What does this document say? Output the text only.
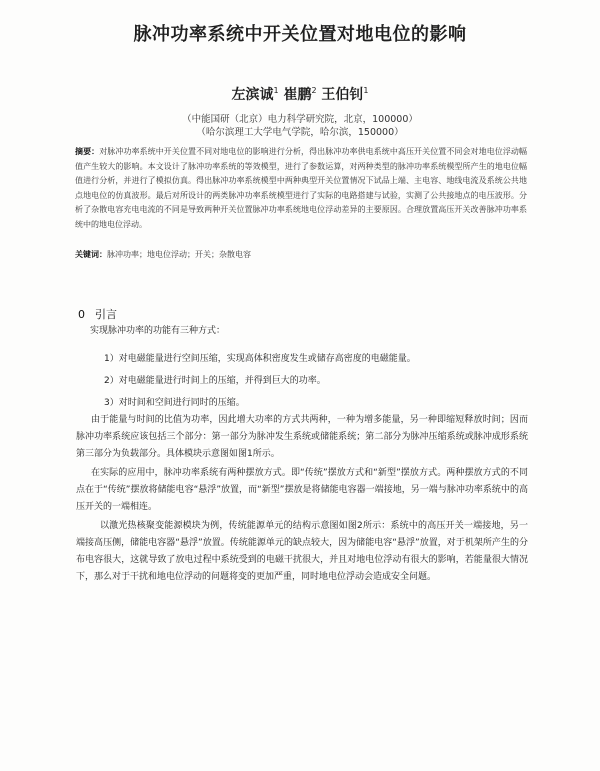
脉冲功率系统中开关位置对地电位的影响
左滨诚$^1$ 崔鹏$^2$ 王伯钊$^1$
（中能国研（北京）电力科学研究院，北京，100000）
（哈尔滨理工大学电气学院，哈尔滨，150000）
摘要：对脉冲功率系统中开关位置不同对地电位的影响进行分析，得出脉冲功率供电系统中高压开关位置不同会对地电位浮动幅值产生较大的影响。本文设计了脉冲功率系统的等效模型，进行了参数运算，对两种类型的脉冲功率系统模型所产生的地电位幅值进行分析，并进行了模拟仿真。得出脉冲功率系统模型中两种典型开关位置情况下试品上端、主电容、地线电流及系统公共地点地电位的仿真波形。最后对所设计的两类脉冲功率系统模型进行了实际的电路搭建与试验，实测了公共接地点的电压波形。分析了杂散电容充电电流的不同是导致两种开关位置脉冲功率系统地电位浮动差异的主要原因。合理放置高压开关改善脉冲功率系统中的地电位浮动。
关键词：脉冲功率；地电位浮动；开关；杂散电容
0 引言
实现脉冲功率的功能有三种方式：
1）对电磁能量进行空间压缩，实现高体积密度发生或储存高密度的电磁能量。
2）对电磁能量进行时间上的压缩，并得到巨大的功率。
3）对时间和空间进行同时的压缩。
由于能量与时间的比值为功率，因此增大功率的方式共两种，一种为增多能量，另一种即缩短释放时间；因而脉冲功率系统应该包括三个部分：第一部分为脉冲发生系统或储能系统；第二部分为脉冲压缩系统或脉冲成形系统第三部分为负载部分。具体模块示意图如图1所示。
在实际的应用中，脉冲功率系统有两种摆放方式。即“传统”摆放方式和“新型”摆放方式。两种摆放方式的不同点在于“传统”摆放将储能电容“悬浮”放置，而“新型”摆放是将储能电容器一端接地，另一端与脉冲功率系统中的高压开关的一端相连。
以激光热核聚变能源模块为例，传统能源单元的结构示意图如图2所示：系统中的高压开关一端接地，另一端接高压侧，储能电容器“悬浮”放置。传统能源单元的缺点较大，因为储能电容“悬浮”放置，对于机架所产生的分布电容很大，这就导致了放电过程中系统受到的电磁干扰很大，并且对地电位浮动有很大的影响，若能量很大情况下，那么对于干扰和地电位浮动的问题将变的更加严重，同时地电位浮动会造成安全问题。
